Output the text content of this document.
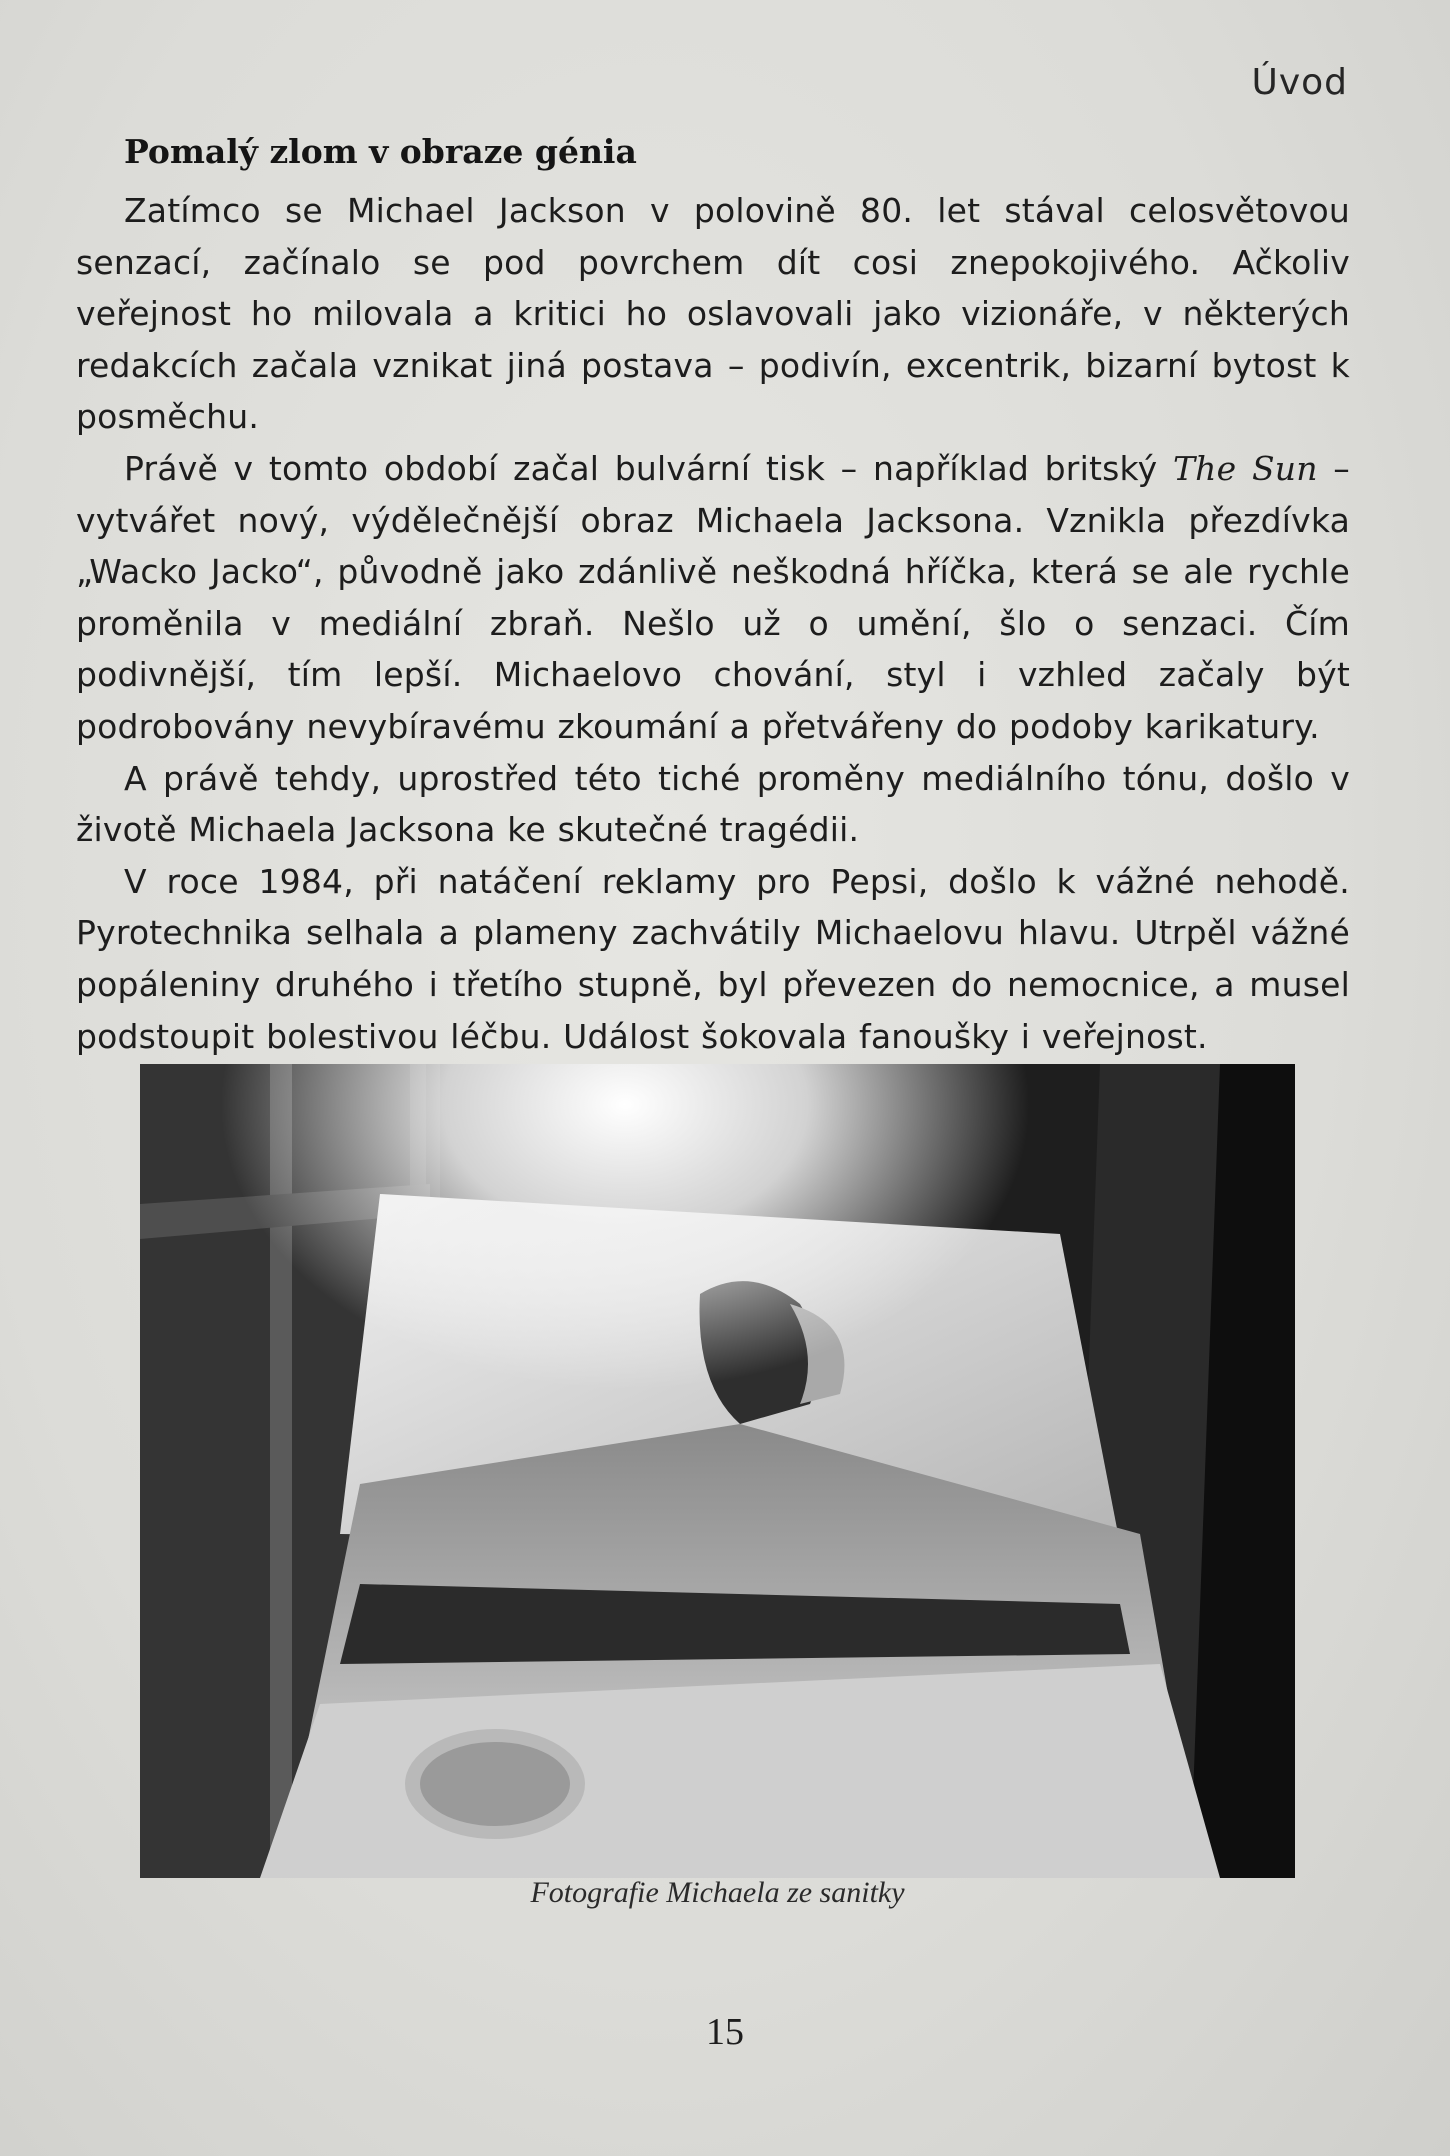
Úvod
Pomalý zlom v obraze génia

Zatímco se Michael Jackson v polovině 80. let stával celosvětovou senzací, začínalo se pod povrchem dít cosi znepokojivého. Ačkoliv veřejnost ho milovala a kritici ho oslavovali jako vizionáře, v některých redakcích začala vznikat jiná postava – podivín, excentrik, bizarní bytost k posměchu.

Právě v tomto období začal bulvární tisk – například britský The Sun – vytvářet nový, výdělečnější obraz Michaela Jacksona. Vznikla přezdívka „Wacko Jacko“, původně jako zdánlivě neškodná hříčka, která se ale rychle proměnila v mediální zbraň. Nešlo už o umění, šlo o senzaci. Čím podivnější, tím lepší. Michaelovo chování, styl i vzhled začaly být podrobovány nevybíravému zkoumání a přetvářeny do podoby karikatury.

A právě tehdy, uprostřed této tiché proměny mediálního tónu, došlo v životě Michaela Jacksona ke skutečné tragédii.

V roce 1984, při natáčení reklamy pro Pepsi, došlo k vážné nehodě. Pyrotechnika selhala a plameny zachvátily Michaelovu hlavu. Utrpěl vážné popáleniny druhého i třetího stupně, byl převezen do nemocnice, a musel podstoupit bolestivou léčbu. Událost šokovala fanoušky i veřejnost.

Fotografie Michaela ze sanitky
15
